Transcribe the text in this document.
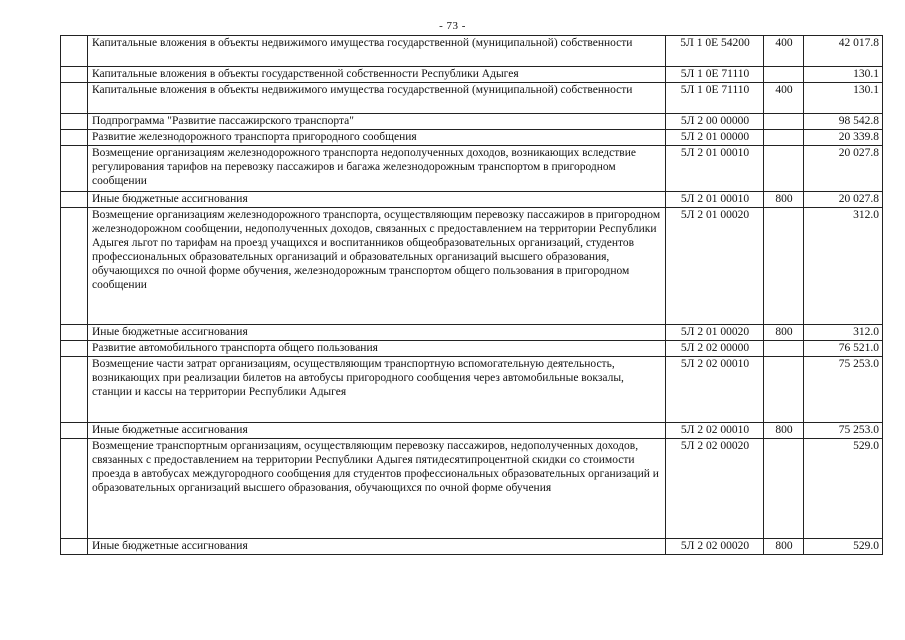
- 73 -
	Капитальные вложения в объекты недвижимого имущества государственной (муниципальной) собственности	5Л 1 0Е 54200	400	42 017.8
	Капитальные вложения в объекты государственной собственности Республики Адыгея	5Л 1 0Е 71110		130.1
	Капитальные вложения в объекты недвижимого имущества государственной (муниципальной) собственности	5Л 1 0Е 71110	400	130.1
	Подпрограмма "Развитие пассажирского транспорта"	5Л 2 00 00000		98 542.8
	Развитие железнодорожного транспорта пригородного сообщения	5Л 2 01 00000		20 339.8
	Возмещение организациям железнодорожного транспорта недополученных доходов, возникающих вследствие регулирования тарифов на перевозку пассажиров и багажа железнодорожным транспортом в пригородном сообщении	5Л 2 01 00010		20 027.8
	Иные бюджетные ассигнования	5Л 2 01 00010	800	20 027.8
	Возмещение организациям железнодорожного транспорта, осуществляющим перевозку пассажиров в пригородном железнодорожном сообщении, недополученных доходов, связанных с предоставлением на территории Республики Адыгея льгот по тарифам на проезд учащихся и воспитанников общеобразовательных организаций, студентов профессиональных образовательных организаций и образовательных организаций высшего образования, обучающихся по очной форме обучения, железнодорожным транспортом общего пользования в пригородном сообщении	5Л 2 01 00020		312.0
	Иные бюджетные ассигнования	5Л 2 01 00020	800	312.0
	Развитие автомобильного транспорта общего пользования	5Л 2 02 00000		76 521.0
	Возмещение части затрат организациям, осуществляющим транспортную вспомогательную деятельность, возникающих при реализации билетов на автобусы пригородного сообщения через автомобильные вокзалы, станции и кассы на территории Республики Адыгея	5Л 2 02 00010		75 253.0
	Иные бюджетные ассигнования	5Л 2 02 00010	800	75 253.0
	Возмещение транспортным организациям, осуществляющим перевозку пассажиров, недополученных доходов, связанных с предоставлением на территории Республики Адыгея пятидесятипроцентной скидки со стоимости проезда в автобусах междугородного сообщения для студентов профессиональных образовательных организаций и образовательных организаций высшего образования, обучающихся по очной форме обучения	5Л 2 02 00020		529.0
	Иные бюджетные ассигнования	5Л 2 02 00020	800	529.0
